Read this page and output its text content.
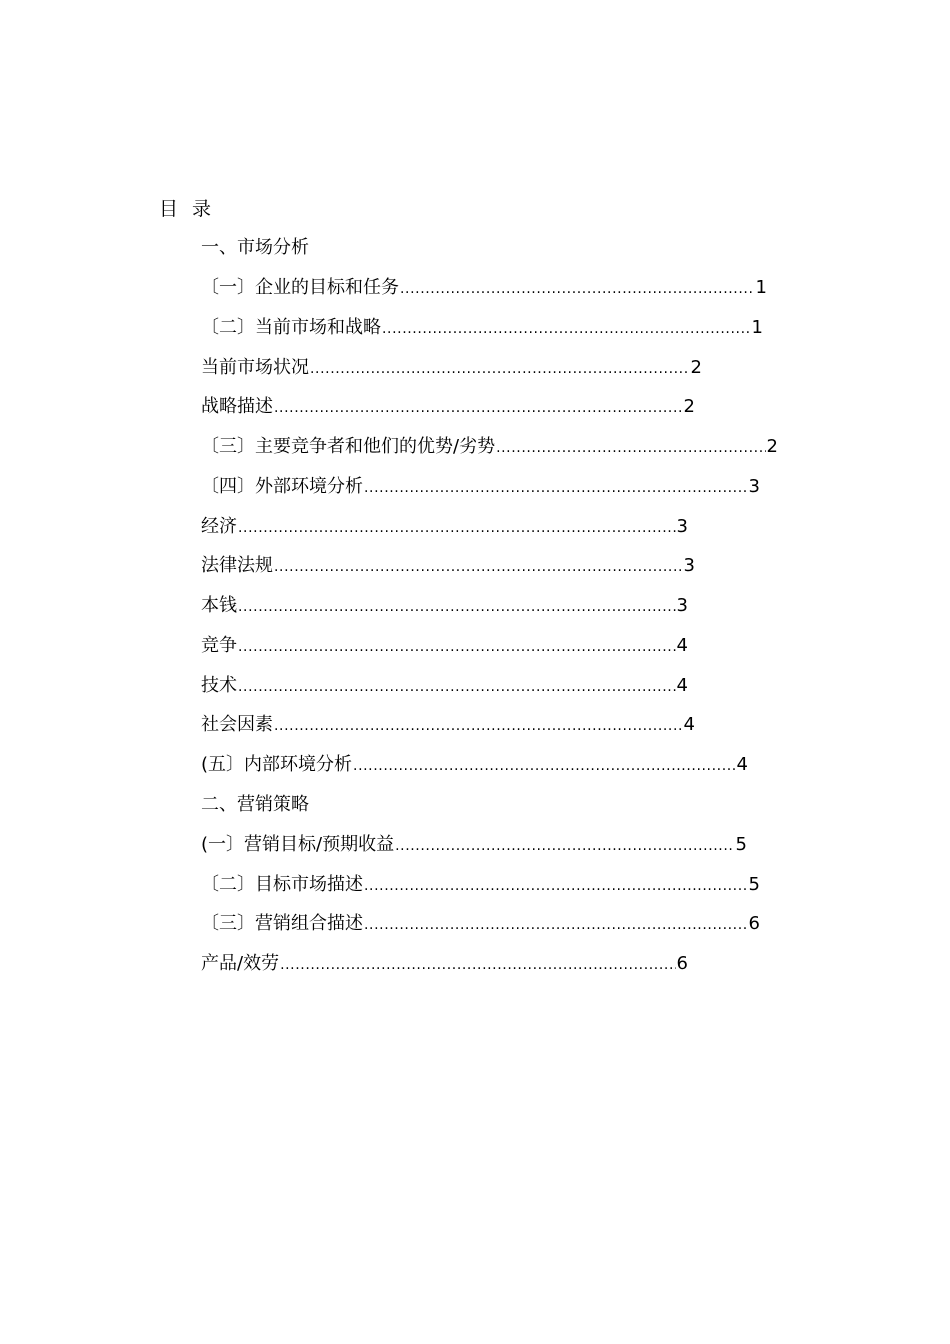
目录
一、市场分析
〔一〕企业的目标和任务 .....	1
〔二〕当前市场和战略 .....	1
当前市场状况 .....	2
战略描述 .....	2
〔三〕主要竞争者和他们的优势/劣势 .....	2
〔四〕外部环境分析 .....	3
经济 .....	3
法律法规 .....	3
本钱 .....	3
竞争 .....	4
技术 .....	4
社会因素 .....	4
(五〕内部环境分析 .....	4
二、营销策略
(一〕营销目标/预期收益 .....	5
〔二〕目标市场描述 .....	5
〔三〕营销组合描述 .....	6
产品/效劳 .....	6
